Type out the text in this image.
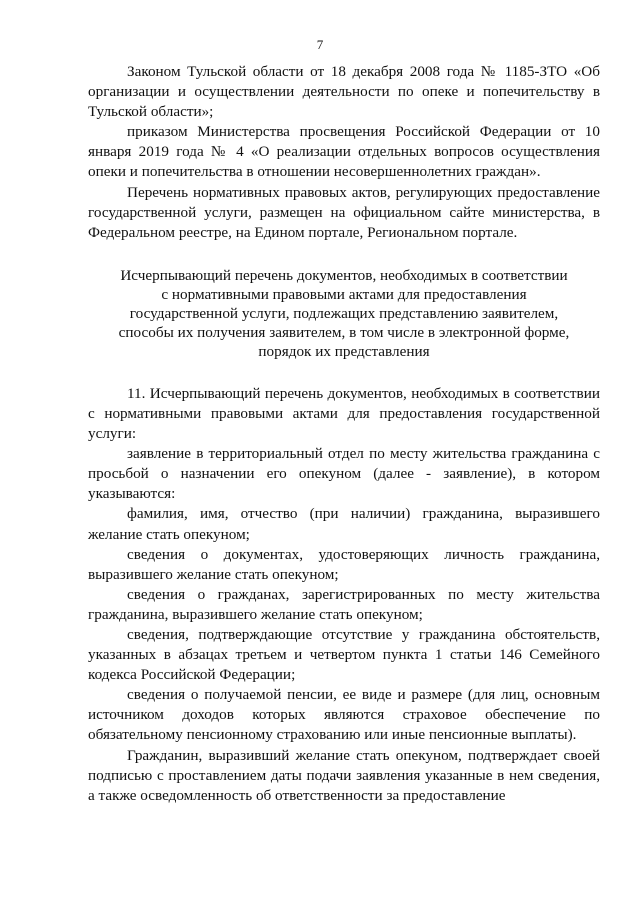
7

Законом Тульской области от 18 декабря 2008 года № 1185-ЗТО «Об организации и осуществлении деятельности по опеке и попечительству в Тульской области»;

приказом Министерства просвещения Российской Федерации от 10 января 2019 года № 4 «О реализации отдельных вопросов осуществления опеки и попечительства в отношении несовершеннолетних граждан».

Перечень нормативных правовых актов, регулирующих предоставление государственной услуги, размещен на официальном сайте министерства, в Федеральном реестре, на Едином портале, Региональном портале.

Исчерпывающий перечень документов, необходимых в соответствии
с нормативными правовыми актами для предоставления
государственной услуги, подлежащих представлению заявителем,
способы их получения заявителем, в том числе в электронной форме,
порядок их представления

11. Исчерпывающий перечень документов, необходимых в соответствии с нормативными правовыми актами для предоставления государственной услуги:

заявление в территориальный отдел по месту жительства гражданина с просьбой о назначении его опекуном (далее - заявление), в котором указываются:

фамилия, имя, отчество (при наличии) гражданина, выразившего желание стать опекуном;

сведения о документах, удостоверяющих личность гражданина, выразившего желание стать опекуном;

сведения о гражданах, зарегистрированных по месту жительства гражданина, выразившего желание стать опекуном;

сведения, подтверждающие отсутствие у гражданина обстоятельств, указанных в абзацах третьем и четвертом пункта 1 статьи 146 Семейного кодекса Российской Федерации;

сведения о получаемой пенсии, ее виде и размере (для лиц, основным источником доходов которых являются страховое обеспечение по обязательному пенсионному страхованию или иные пенсионные выплаты).

Гражданин, выразивший желание стать опекуном, подтверждает своей подписью с проставлением даты подачи заявления указанные в нем сведения, а также осведомленность об ответственности за предоставление
